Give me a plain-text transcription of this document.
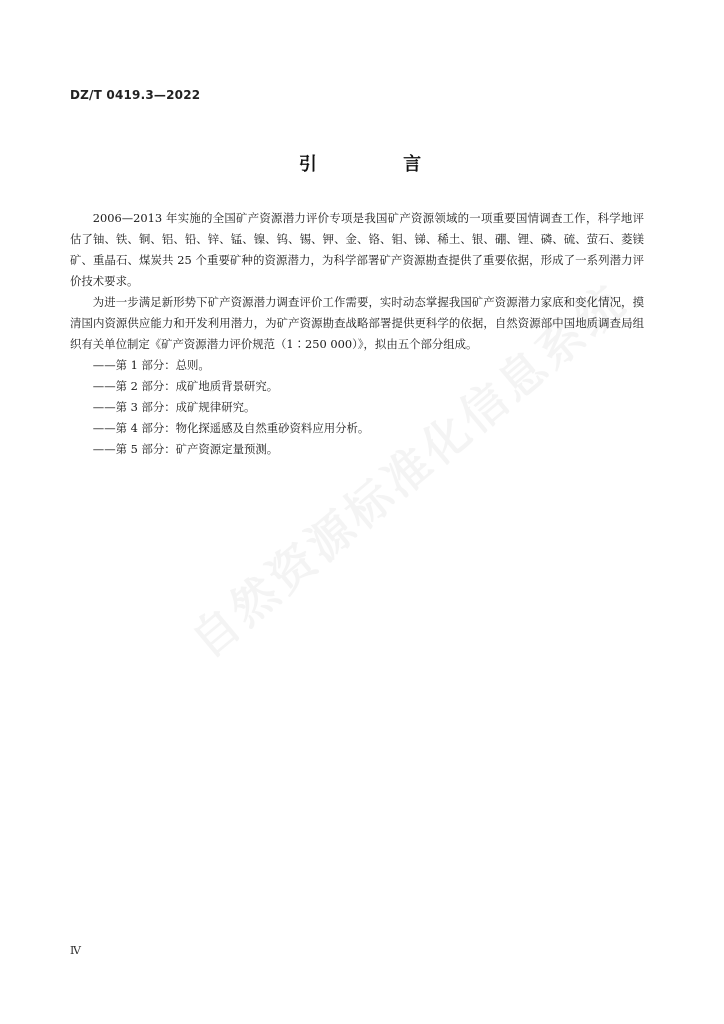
DZ/T 0419.3—2022
引 言

2006—2013 年实施的全国矿产资源潜力评价专项是我国矿产资源领域的一项重要国情调查工作，科学地评估了铀、铁、铜、铝、铅、锌、锰、镍、钨、锡、钾、金、铬、钼、锑、稀土、银、硼、锂、磷、硫、萤石、菱镁矿、重晶石、煤炭共 25 个重要矿种的资源潜力，为科学部署矿产资源勘查提供了重要依据，形成了一系列潜力评价技术要求。

为进一步满足新形势下矿产资源潜力调查评价工作需要，实时动态掌握我国矿产资源潜力家底和变化情况，摸清国内资源供应能力和开发利用潜力，为矿产资源勘查战略部署提供更科学的依据，自然资源部中国地质调查局组织有关单位制定《矿产资源潜力评价规范（1∶250 000）》，拟由五个部分组成。

——第 1 部分：总则。

——第 2 部分：成矿地质背景研究。

——第 3 部分：成矿规律研究。

——第 4 部分：物化探遥感及自然重砂资料应用分析。

——第 5 部分：矿产资源定量预测。

Ⅳ
